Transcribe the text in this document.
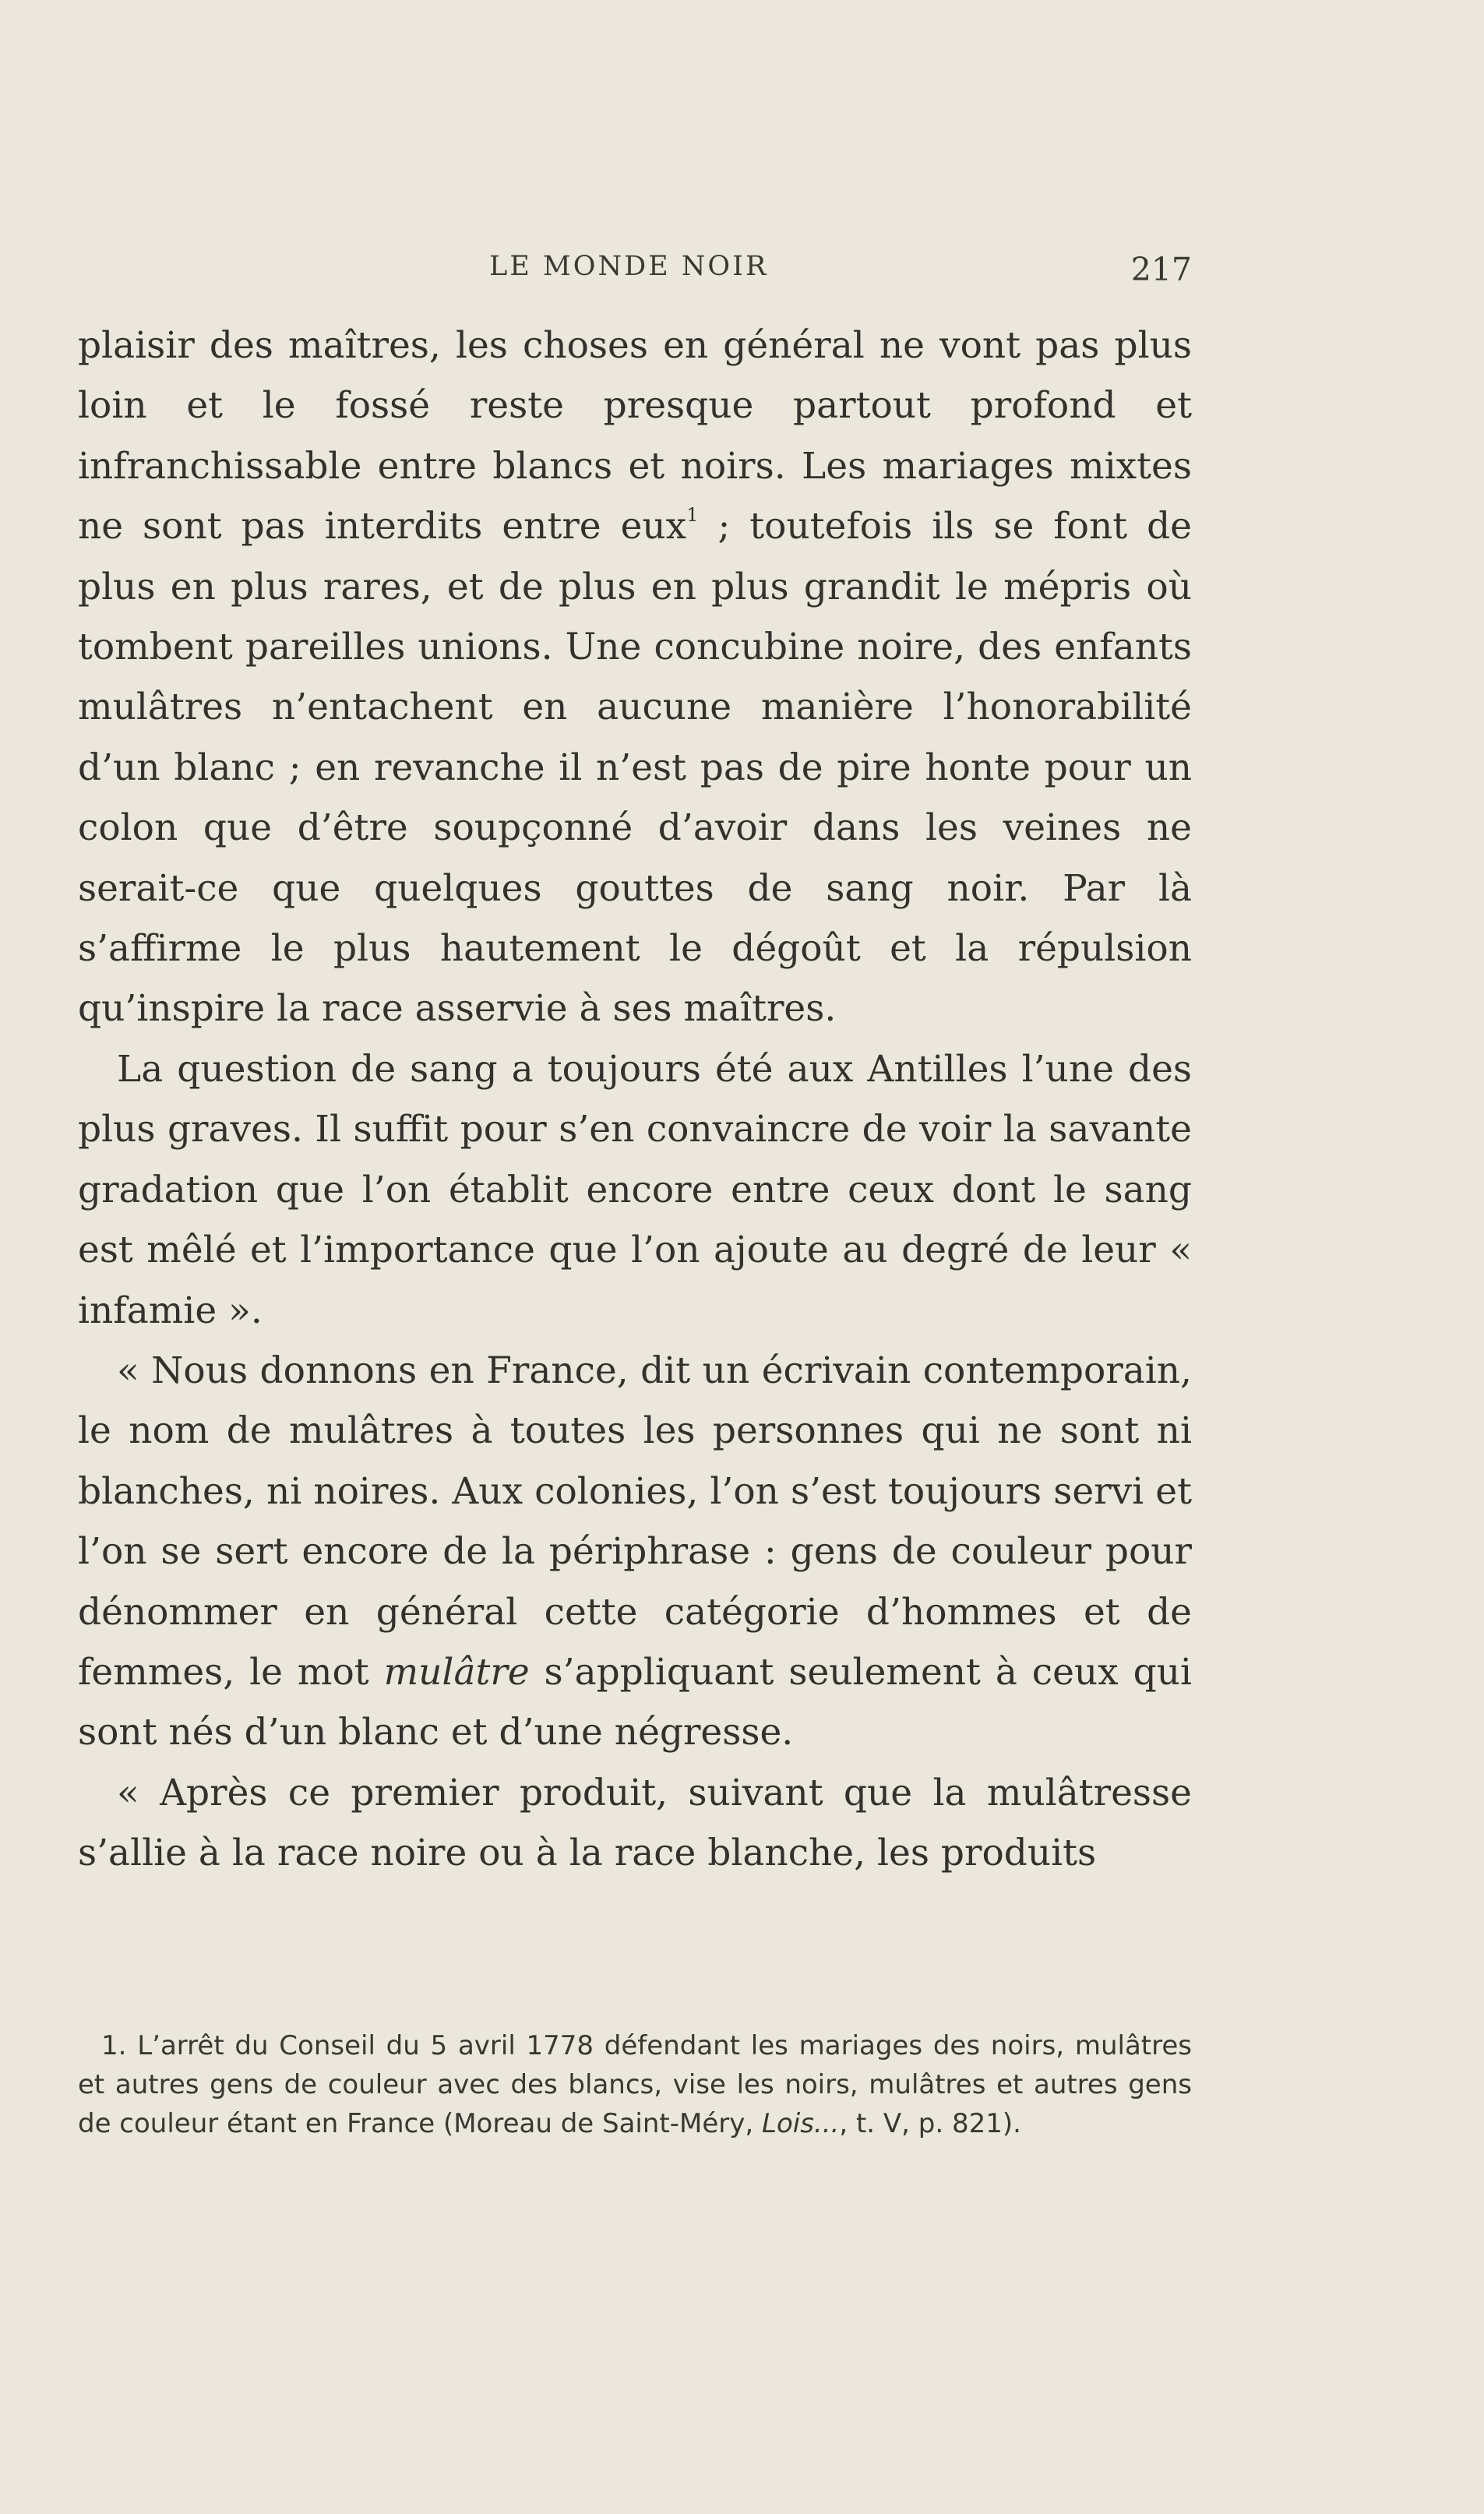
LE MONDE NOIR	217

plaisir des maîtres, les choses en général ne vont pas plus loin et le fossé reste presque partout profond et infranchissable entre blancs et noirs. Les mariages mixtes ne sont pas interdits entre eux$^1$ ; toutefois ils se font de plus en plus rares, et de plus en plus grandit le mépris où tombent pareilles unions. Une concubine noire, des enfants mulâtres n’entachent en aucune manière l’honorabilité d’un blanc ; en revanche il n’est pas de pire honte pour un colon que d’être soupçonné d’avoir dans les veines ne serait-ce que quelques gouttes de sang noir. Par là s’affirme le plus hautement le dégoût et la répulsion qu’inspire la race asservie à ses maîtres.

La question de sang a toujours été aux Antilles l’une des plus graves. Il suffit pour s’en convaincre de voir la savante gradation que l’on établit encore entre ceux dont le sang est mêlé et l’importance que l’on ajoute au degré de leur « infamie ».

« Nous donnons en France, dit un écrivain contemporain, le nom de mulâtres à toutes les personnes qui ne sont ni blanches, ni noires. Aux colonies, l’on s’est toujours servi et l’on se sert encore de la périphrase : gens de couleur pour dénommer en général cette catégorie d’hommes et de femmes, le mot mulâtre s’appliquant seulement à ceux qui sont nés d’un blanc et d’une négresse.

« Après ce premier produit, suivant que la mulâtresse s’allie à la race noire ou à la race blanche, les produits

1. L’arrêt du Conseil du 5 avril 1778 défendant les mariages des noirs, mulâtres et autres gens de couleur avec des blancs, vise les noirs, mulâtres et autres gens de couleur étant en France (Moreau de Saint-Méry, Lois..., t. V, p. 821).
